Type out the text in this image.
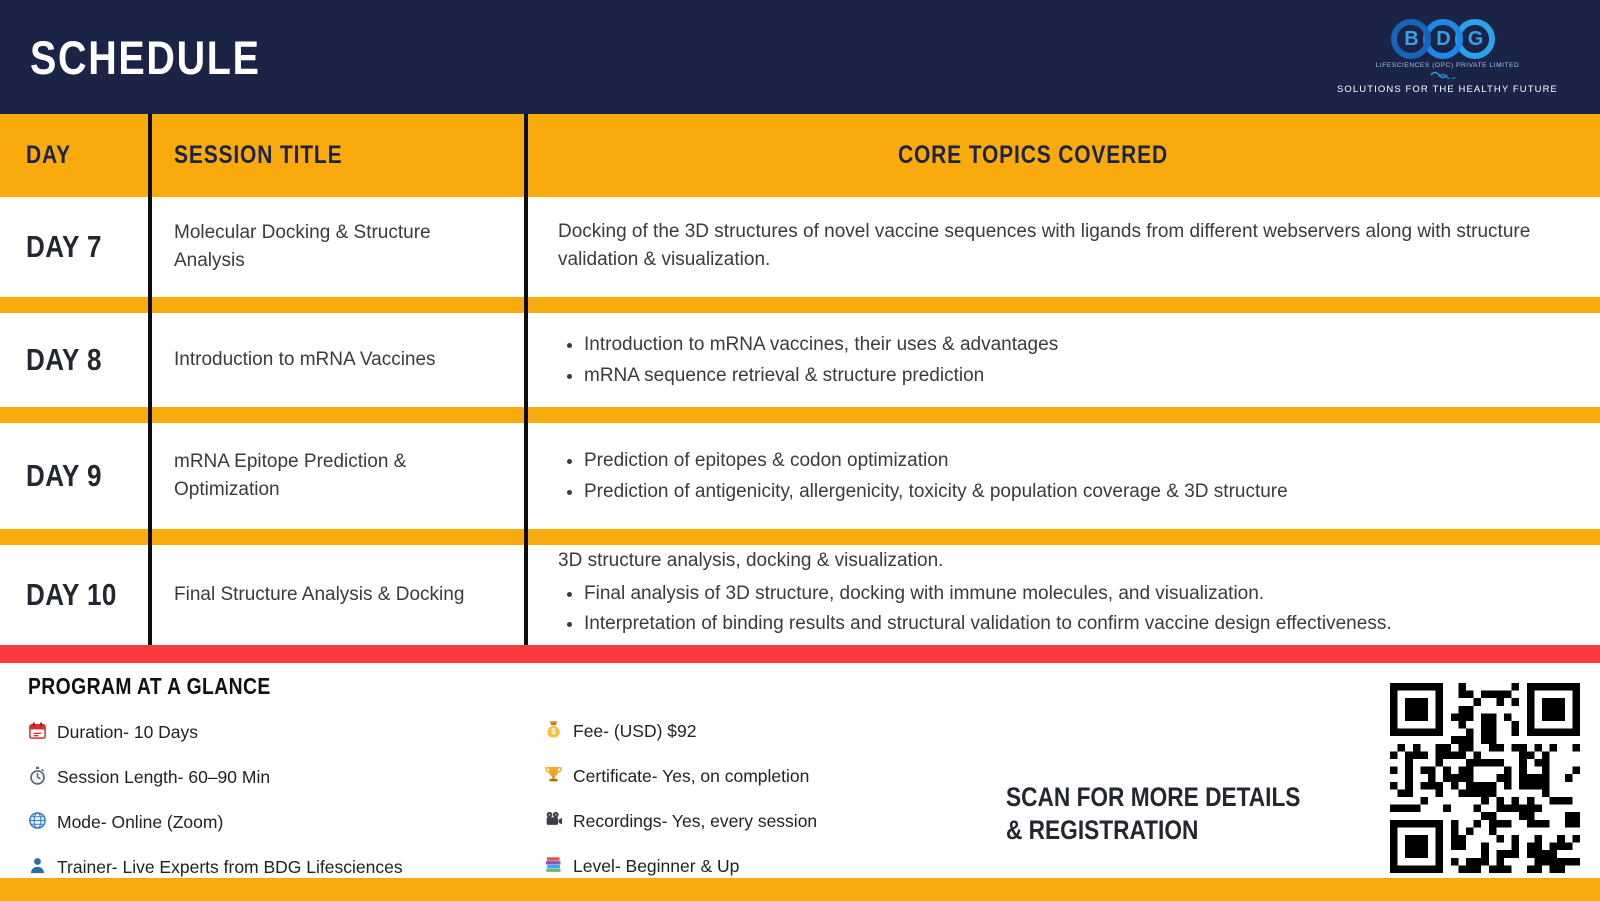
SCHEDULE	B D G
LIFESCIENCES (OPC) PRIVATE LIMITED
SOLUTIONS FOR THE HEALTHY FUTURE
DAY	SESSION TITLE	CORE TOPICS COVERED
DAY 7	Molecular Docking & Structure Analysis

Docking of the 3D structures of novel vaccine sequences with ligands from different webservers along with structure validation & visualization.

DAY 8	Introduction to mRNA Vaccines
• Introduction to mRNA vaccines, their uses & advantages
• mRNA sequence retrieval & structure prediction
DAY 9	mRNA Epitope Prediction & Optimization
• Prediction of epitopes & codon optimization
• Prediction of antigenicity, allergenicity, toxicity & population coverage & 3D structure
DAY 10	Final Structure Analysis & Docking

3D structure analysis, docking & visualization.

• Final analysis of 3D structure, docking with immune molecules, and visualization.
• Interpretation of binding results and structural validation to confirm vaccine design effectiveness.
PROGRAM AT A GLANCE
Duration- 10 Days
Session Length- 60–90 Min
Mode- Online (Zoom)
Trainer- Live Experts from BDG Lifesciences
$ Fee- (USD) $92
Certificate- Yes, on completion
Recordings- Yes, every session
Level- Beginner & Up
SCAN FOR MORE DETAILS
& REGISTRATION
